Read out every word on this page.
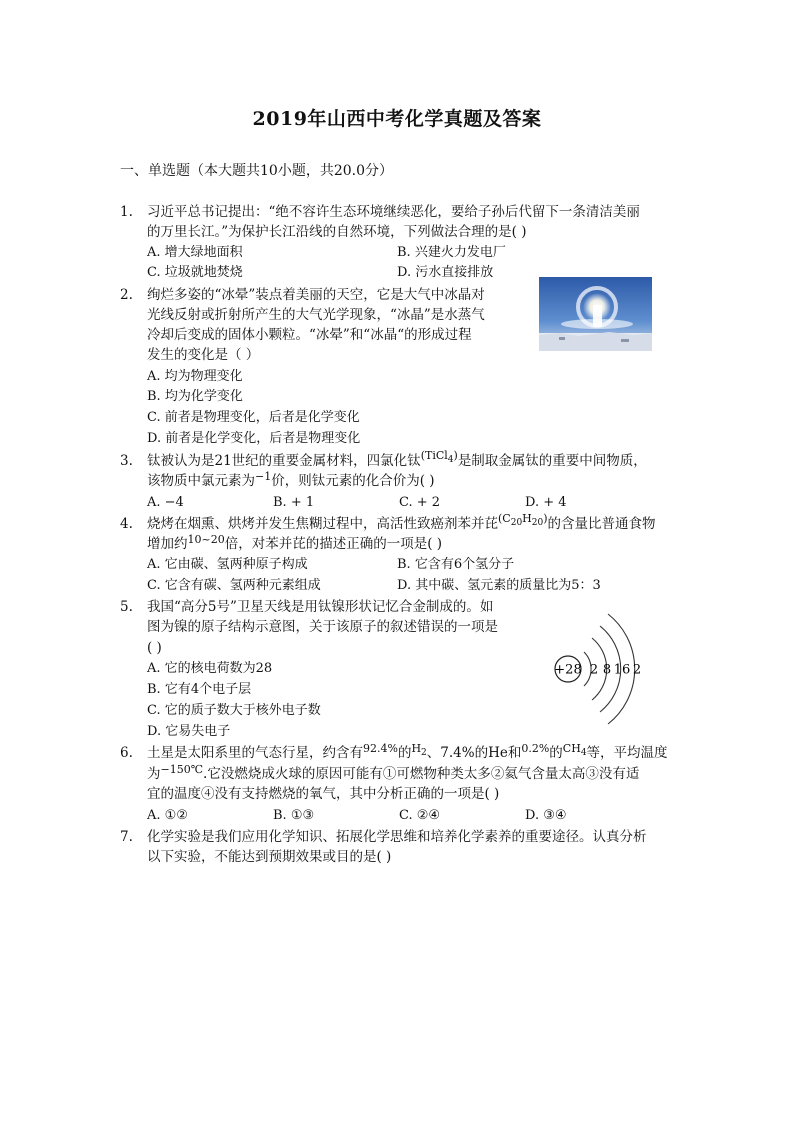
2019年山西中考化学真题及答案
一、单选题（本大题共10小题，共20.0分）
1. 习近平总书记提出：“绝不容许生态环境继续恶化，要给子孙后代留下一条清洁美丽
的万里长江。”为保护长江沿线的自然环境，下列做法合理的是( )
A. 增大绿地面积	B. 兴建火力发电厂
C. 垃圾就地焚烧	D. 污水直接排放
2. 绚烂多姿的“冰晕”装点着美丽的天空，它是大气中冰晶对
光线反射或折射所产生的大气光学现象，“冰晶”是水蒸气
冷却后变成的固体小颗粒。“冰晕”和“冰晶“的形成过程
发生的变化是（ ）
A. 均为物理变化
B. 均为化学变化
C. 前者是物理变化，后者是化学变化
D. 前者是化学变化，后者是物理变化
3. 钛被认为是21世纪的重要金属材料，四氯化钛$^{(TiCl_4)}$是制取金属钛的重要中间物质，
该物质中氯元素为$^{-1}$价，则钛元素的化合价为( )
A. −4	B. + 1	C. + 2	D. + 4
4. 烧烤在烟熏、烘烤并发生焦糊过程中，高活性致癌剂苯并芘$^{(C_{20}H_{20})}$的含量比普通食物
增加约$^{10\sim 20}$倍，对苯并芘的描述正确的一项是( )
A. 它由碳、氢两种原子构成	B. 它含有6个氢分子
C. 它含有碳、氢两种元素组成	D. 其中碳、氢元素的质量比为5：3
5. 我国“高分5号”卫星天线是用钛镍形状记忆合金制成的。如
图为镍的原子结构示意图，关于该原子的叙述错误的一项是
( )
A. 它的核电荷数为28
B. 它有4个电子层
C. 它的质子数大于核外电子数
D. 它易失电子
+28 2 8 16 2
6. 土星是太阳系里的气态行星，约含有$^{92.4\%}$的$^{H_2}$、7.4%的He和$^{0.2\%}$的$^{CH_4}$等，平均温度
为$^{-150℃}$.它没燃烧成火球的原因可能有①可燃物种类太多②氦气含量太高③没有适
宜的温度④没有支持燃烧的氧气，其中分析正确的一项是( )
A. ①②	B. ①③	C. ②④	D. ③④
7. 化学实验是我们应用化学知识、拓展化学思维和培养化学素养的重要途径。认真分析
以下实验，不能达到预期效果或目的是( )
